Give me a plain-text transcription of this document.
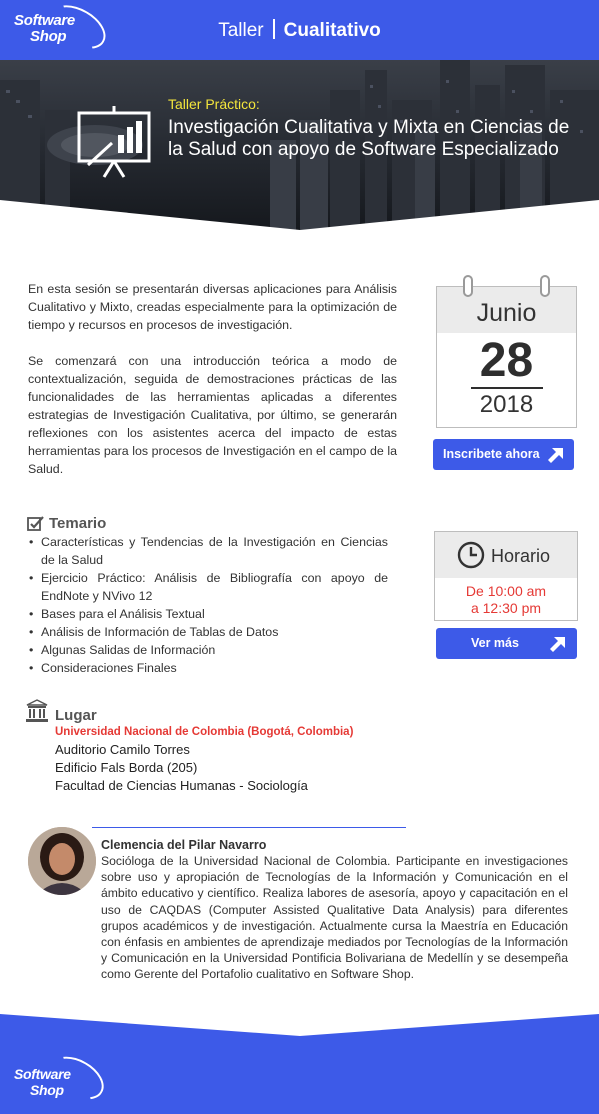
Software
Shop	Taller Cualitativo
Taller Práctico:
Investigación Cualitativa y Mixta en Ciencias de la Salud con apoyo de Software Especializado

En esta sesión se presentarán diversas aplicaciones para Análisis Cualitativo y Mixto, creadas especialmente para la optimización de tiempo y recursos en procesos de investigación.

Se comenzará con una introducción teórica a modo de contextualización, seguida de demostraciones prácticas de las funcionalidades de las herramientas aplicadas a diferentes estrategias de Investigación Cualitativa, por último, se generarán reflexiones con los asistentes acerca del impacto de estas herramientas para los procesos de Investigación en el campo de la Salud.

Junio
28
2018
Inscribete ahora
Temario
• Características y Tendencias de la Investigación en Ciencias de la Salud
• Ejercicio Práctico: Análisis de Bibliografía con apoyo de EndNote y NVivo 12
• Bases para el Análisis Textual
• Análisis de Información de Tablas de Datos
• Algunas Salidas de Información
• Consideraciones Finales
Horario
De 10:00 am
a 12:30 pm
Ver más
Lugar
Universidad Nacional de Colombia (Bogotá, Colombia)
Auditorio Camilo Torres
Edificio Fals Borda (205)
Facultad de Ciencias Humanas - Sociología
Clemencia del Pilar Navarro
Socióloga de la Universidad Nacional de Colombia. Participante en investigaciones sobre uso y apropiación de Tecnologías de la Información y Comunicación en el ámbito educativo y científico. Realiza labores de asesoría, apoyo y capacitación en el uso de CAQDAS (Computer Assisted Qualitative Data Analysis) para diferentes grupos académicos y de investigación. Actualmente cursa la Maestría en Educación con énfasis en ambientes de aprendizaje mediados por Tecnologías de la Información y Comunicación en la Universidad Pontificia Bolivariana de Medellín y se desempeña como Gerente del Portafolio cualitativo en Software Shop.
Software
Shop
